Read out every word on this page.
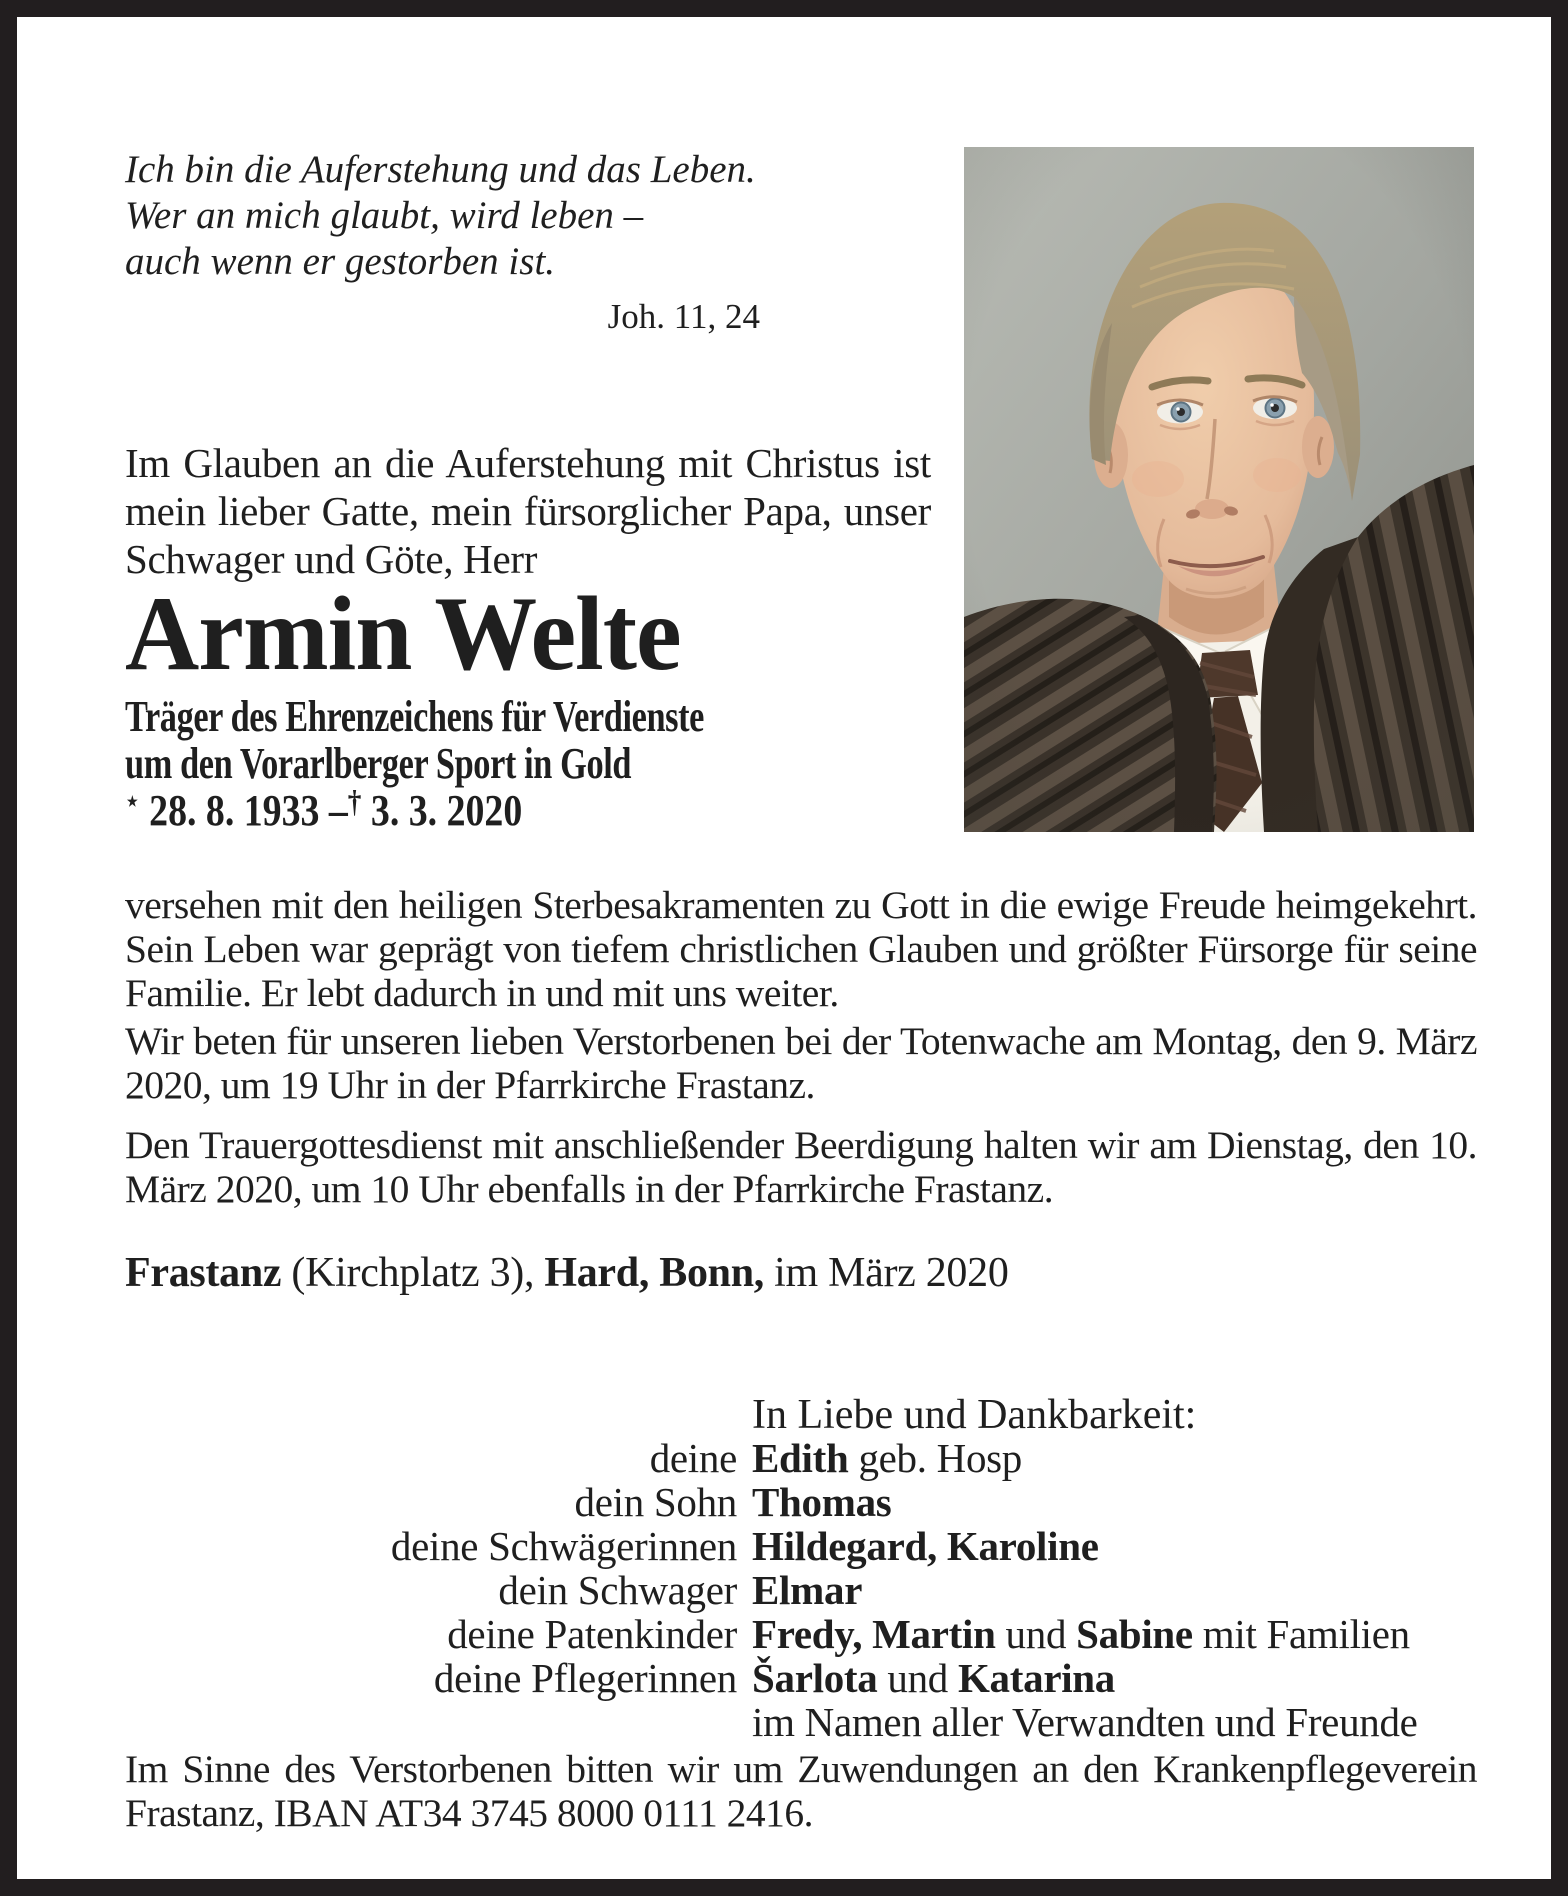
Ich bin die Auferstehung und das Leben.
Wer an mich glaubt, wird leben –
auch wenn er gestorben ist.
Joh. 11, 24
Im Glauben an die Auferstehung mit Christus ist mein lieber Gatte, mein fürsorglicher Papa, unser Schwager und Göte, Herr
Armin Welte
Träger des Ehrenzeichens für Verdienste
um den Vorarlberger Sport in Gold
⋆ 28. 8. 1933 –† 3. 3. 2020
versehen mit den heiligen Sterbesakramenten zu Gott in die ewige Freude heimgekehrt. Sein Leben war geprägt von tiefem christlichen Glauben und größter Fürsorge für seine Familie. Er lebt dadurch in und mit uns weiter.
Wir beten für unseren lieben Verstorbenen bei der Totenwache am Montag, den 9. März 2020, um 19 Uhr in der Pfarrkirche Frastanz.
Den Trauergottesdienst mit anschließender Beerdigung halten wir am Dienstag, den 10. März 2020, um 10 Uhr ebenfalls in der Pfarrkirche Frastanz.
Frastanz (Kirchplatz 3), Hard, Bonn, im März 2020
In Liebe und Dankbarkeit:
deine Edith geb. Hosp
dein Sohn Thomas
deine Schwägerinnen Hildegard, Karoline
dein Schwager Elmar
deine Patenkinder Fredy, Martin und Sabine mit Familien
deine Pflegerinnen Šarlota und Katarina
im Namen aller Verwandten und Freunde
Im Sinne des Verstorbenen bitten wir um Zuwendungen an den Krankenpflegeverein Frastanz, IBAN AT34 3745 8000 0111 2416.
